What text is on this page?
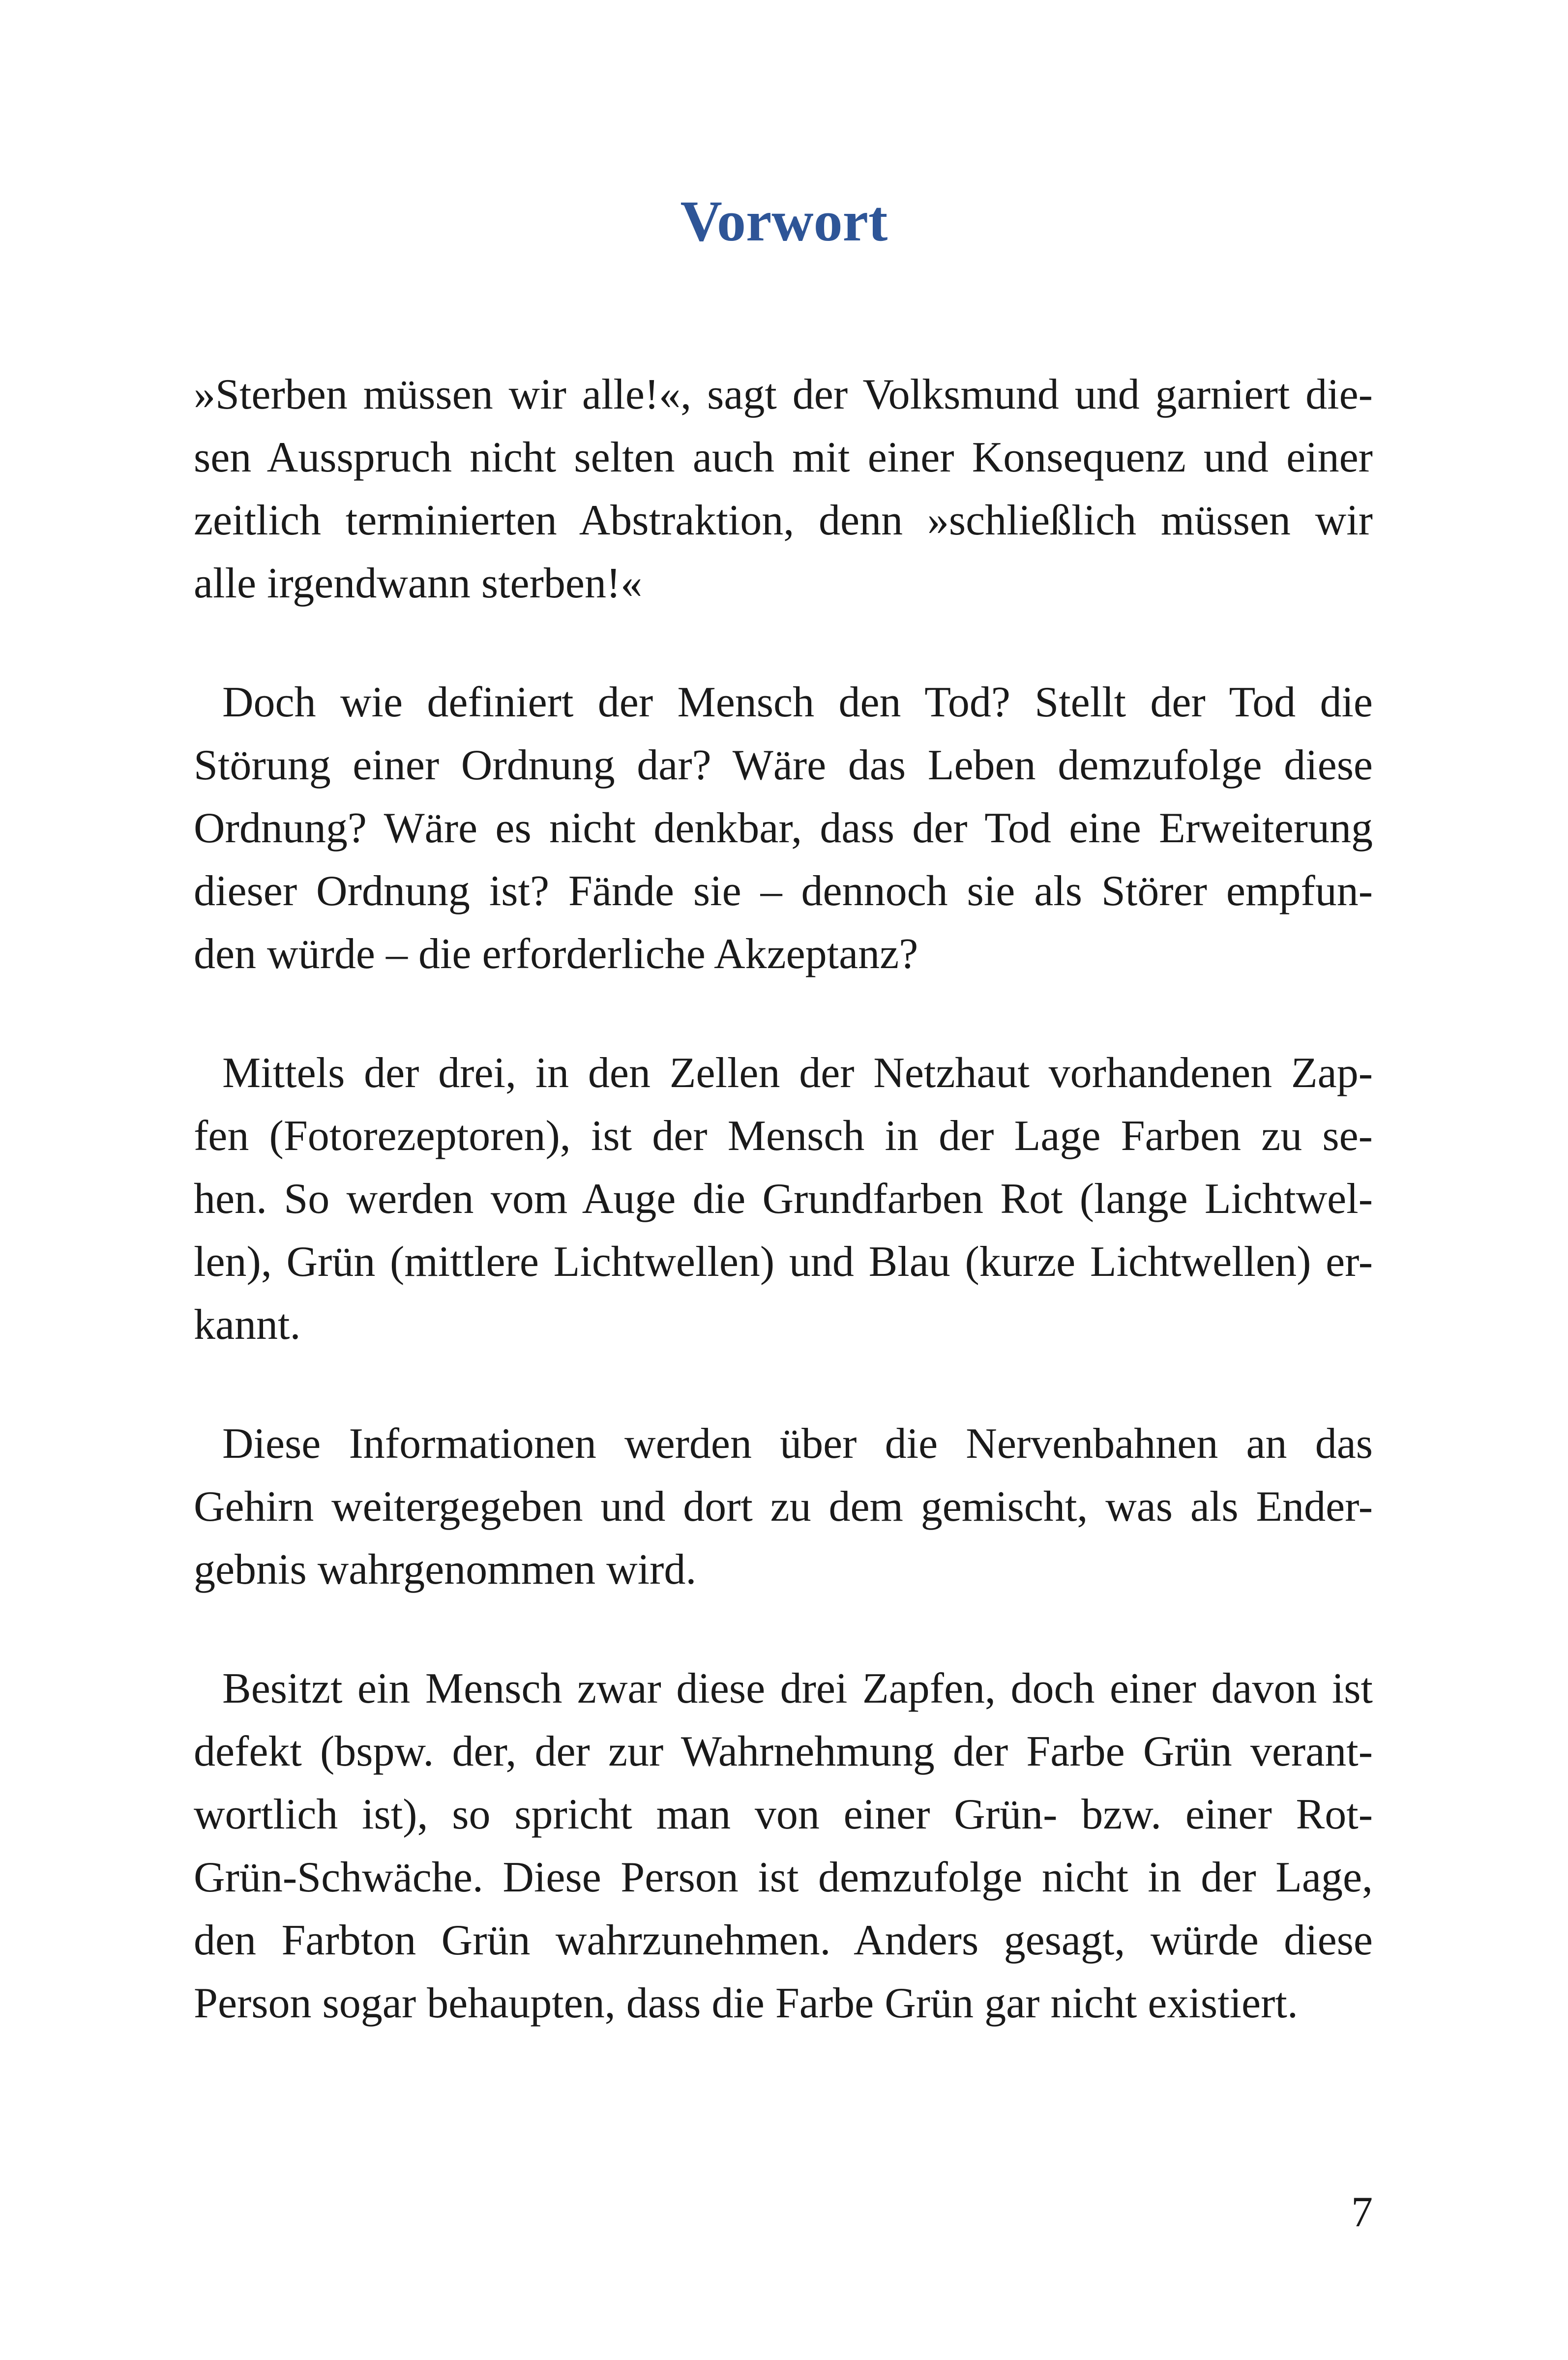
Vorwort
»Sterben müssen wir alle!«, sagt der Volksmund und garniert die-
sen Ausspruch nicht selten auch mit einer Konsequenz und einer
zeitlich terminierten Abstraktion, denn »schließlich müssen wir
alle irgendwann sterben!«
Doch wie definiert der Mensch den Tod? Stellt der Tod die
Störung einer Ordnung dar? Wäre das Leben demzufolge diese
Ordnung? Wäre es nicht denkbar, dass der Tod eine Erweiterung
dieser Ordnung ist? Fände sie – dennoch sie als Störer empfun-
den würde – die erforderliche Akzeptanz?
Mittels der drei, in den Zellen der Netzhaut vorhandenen Zap-
fen (Fotorezeptoren), ist der Mensch in der Lage Farben zu se-
hen. So werden vom Auge die Grundfarben Rot (lange Lichtwel-
len), Grün (mittlere Lichtwellen) und Blau (kurze Lichtwellen) er-
kannt.
Diese Informationen werden über die Nervenbahnen an das
Gehirn weitergegeben und dort zu dem gemischt, was als Ender-
gebnis wahrgenommen wird.
Besitzt ein Mensch zwar diese drei Zapfen, doch einer davon ist
defekt (bspw. der, der zur Wahrnehmung der Farbe Grün verant-
wortlich ist), so spricht man von einer Grün- bzw. einer Rot-
Grün-Schwäche. Diese Person ist demzufolge nicht in der Lage,
den Farbton Grün wahrzunehmen. Anders gesagt, würde diese
Person sogar behaupten, dass die Farbe Grün gar nicht existiert.
7
